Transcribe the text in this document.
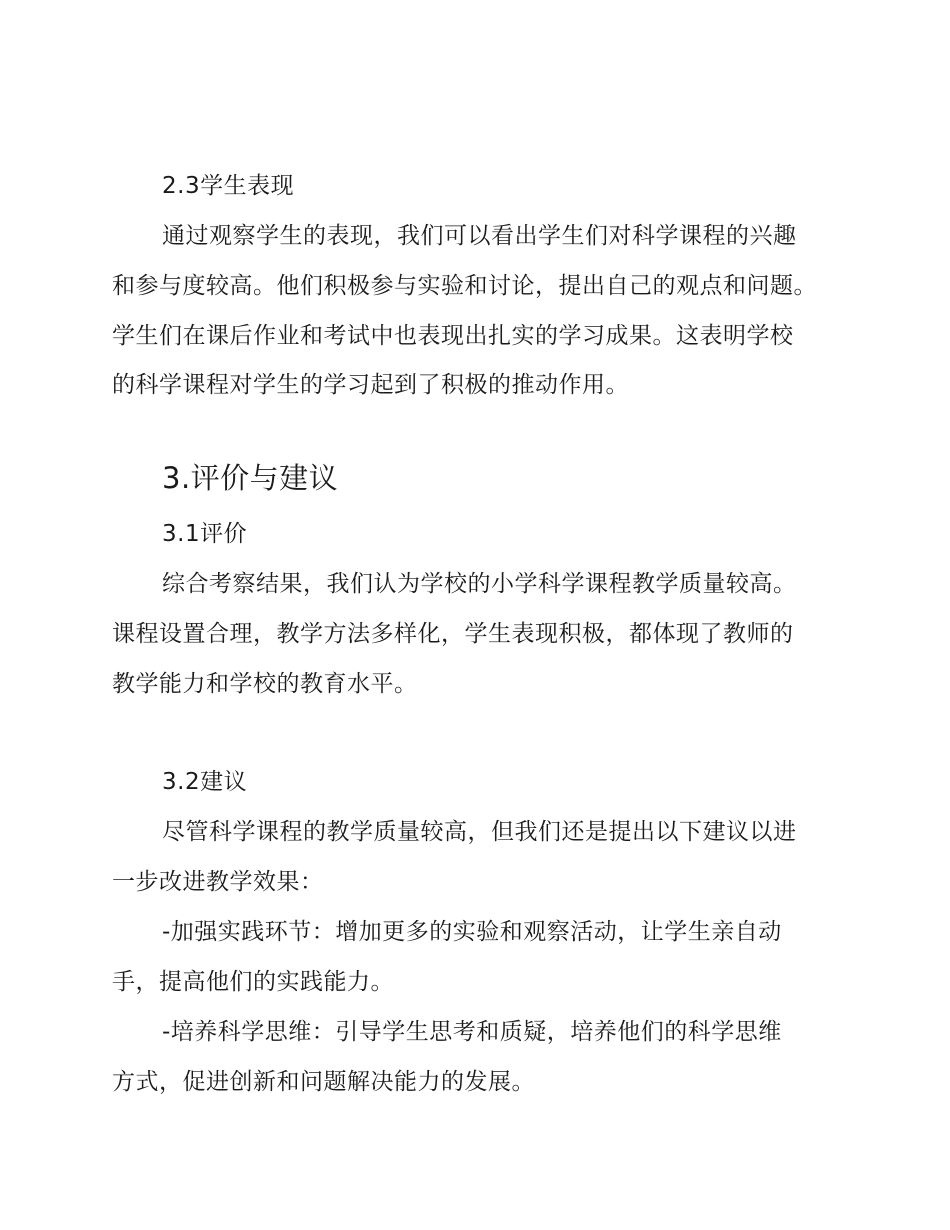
2.3学生表现
通过观察学生的表现，我们可以看出学生们对科学课程的兴趣
和参与度较高。他们积极参与实验和讨论，提出自己的观点和问题。
学生们在课后作业和考试中也表现出扎实的学习成果。这表明学校
的科学课程对学生的学习起到了积极的推动作用。
3.评价与建议
3.1评价
综合考察结果，我们认为学校的小学科学课程教学质量较高。
课程设置合理，教学方法多样化，学生表现积极，都体现了教师的
教学能力和学校的教育水平。
3.2建议
尽管科学课程的教学质量较高，但我们还是提出以下建议以进
一步改进教学效果：
-加强实践环节：增加更多的实验和观察活动，让学生亲自动
手，提高他们的实践能力。
-培养科学思维：引导学生思考和质疑，培养他们的科学思维
方式，促进创新和问题解决能力的发展。
